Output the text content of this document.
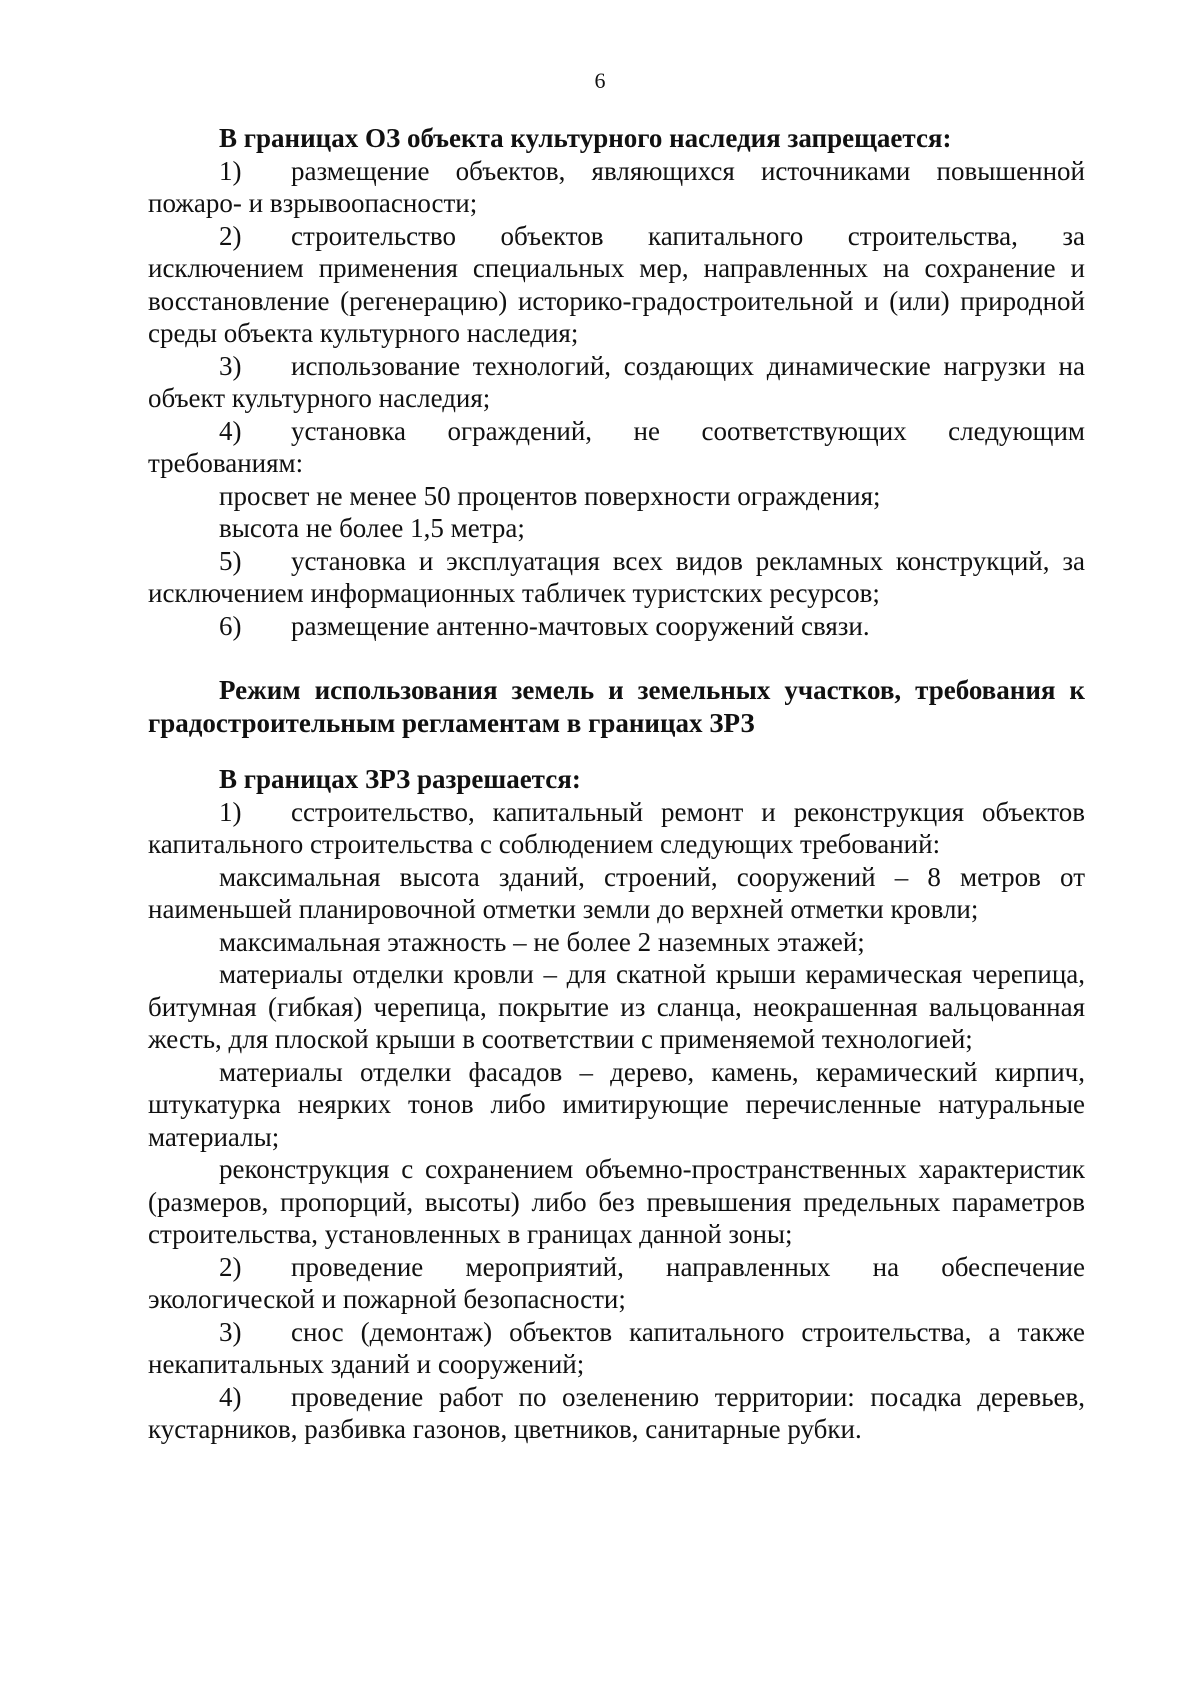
6

В границах ОЗ объекта культурного наследия запрещается:

1) размещение объектов, являющихся источниками повышенной пожаро- и взрывоопасности;

2) строительство объектов капитального строительства, за исключением применения специальных мер, направленных на сохранение и восстановление (регенерацию) историко-градостроительной и (или) природной среды объекта культурного наследия;

3) использование технологий, создающих динамические нагрузки на объект культурного наследия;

4) установка ограждений, не соответствующих следующим требованиям:

просвет не менее 50 процентов поверхности ограждения;

высота не более 1,5 метра;

5) установка и эксплуатация всех видов рекламных конструкций, за исключением информационных табличек туристских ресурсов;

6) размещение антенно-мачтовых сооружений связи.

Режим использования земель и земельных участков, требования к градостроительным регламентам в границах ЗРЗ

В границах ЗРЗ разрешается:

1) сстроительство, капитальный ремонт и реконструкция объектов капитального строительства с соблюдением следующих требований:

максимальная высота зданий, строений, сооружений – 8 метров от наименьшей планировочной отметки земли до верхней отметки кровли;

максимальная этажность – не более 2 наземных этажей;

материалы отделки кровли – для скатной крыши керамическая черепица, битумная (гибкая) черепица, покрытие из сланца, неокрашенная вальцованная жесть, для плоской крыши в соответствии с применяемой технологией;

материалы отделки фасадов – дерево, камень, керамический кирпич, штукатурка неярких тонов либо имитирующие перечисленные натуральные материалы;

реконструкция с сохранением объемно-пространственных характеристик (размеров, пропорций, высоты) либо без превышения предельных параметров строительства, установленных в границах данной зоны;

2) проведение мероприятий, направленных на обеспечение экологической и пожарной безопасности;

3) снос (демонтаж) объектов капитального строительства, а также некапитальных зданий и сооружений;

4) проведение работ по озеленению территории: посадка деревьев, кустарников, разбивка газонов, цветников, санитарные рубки.
